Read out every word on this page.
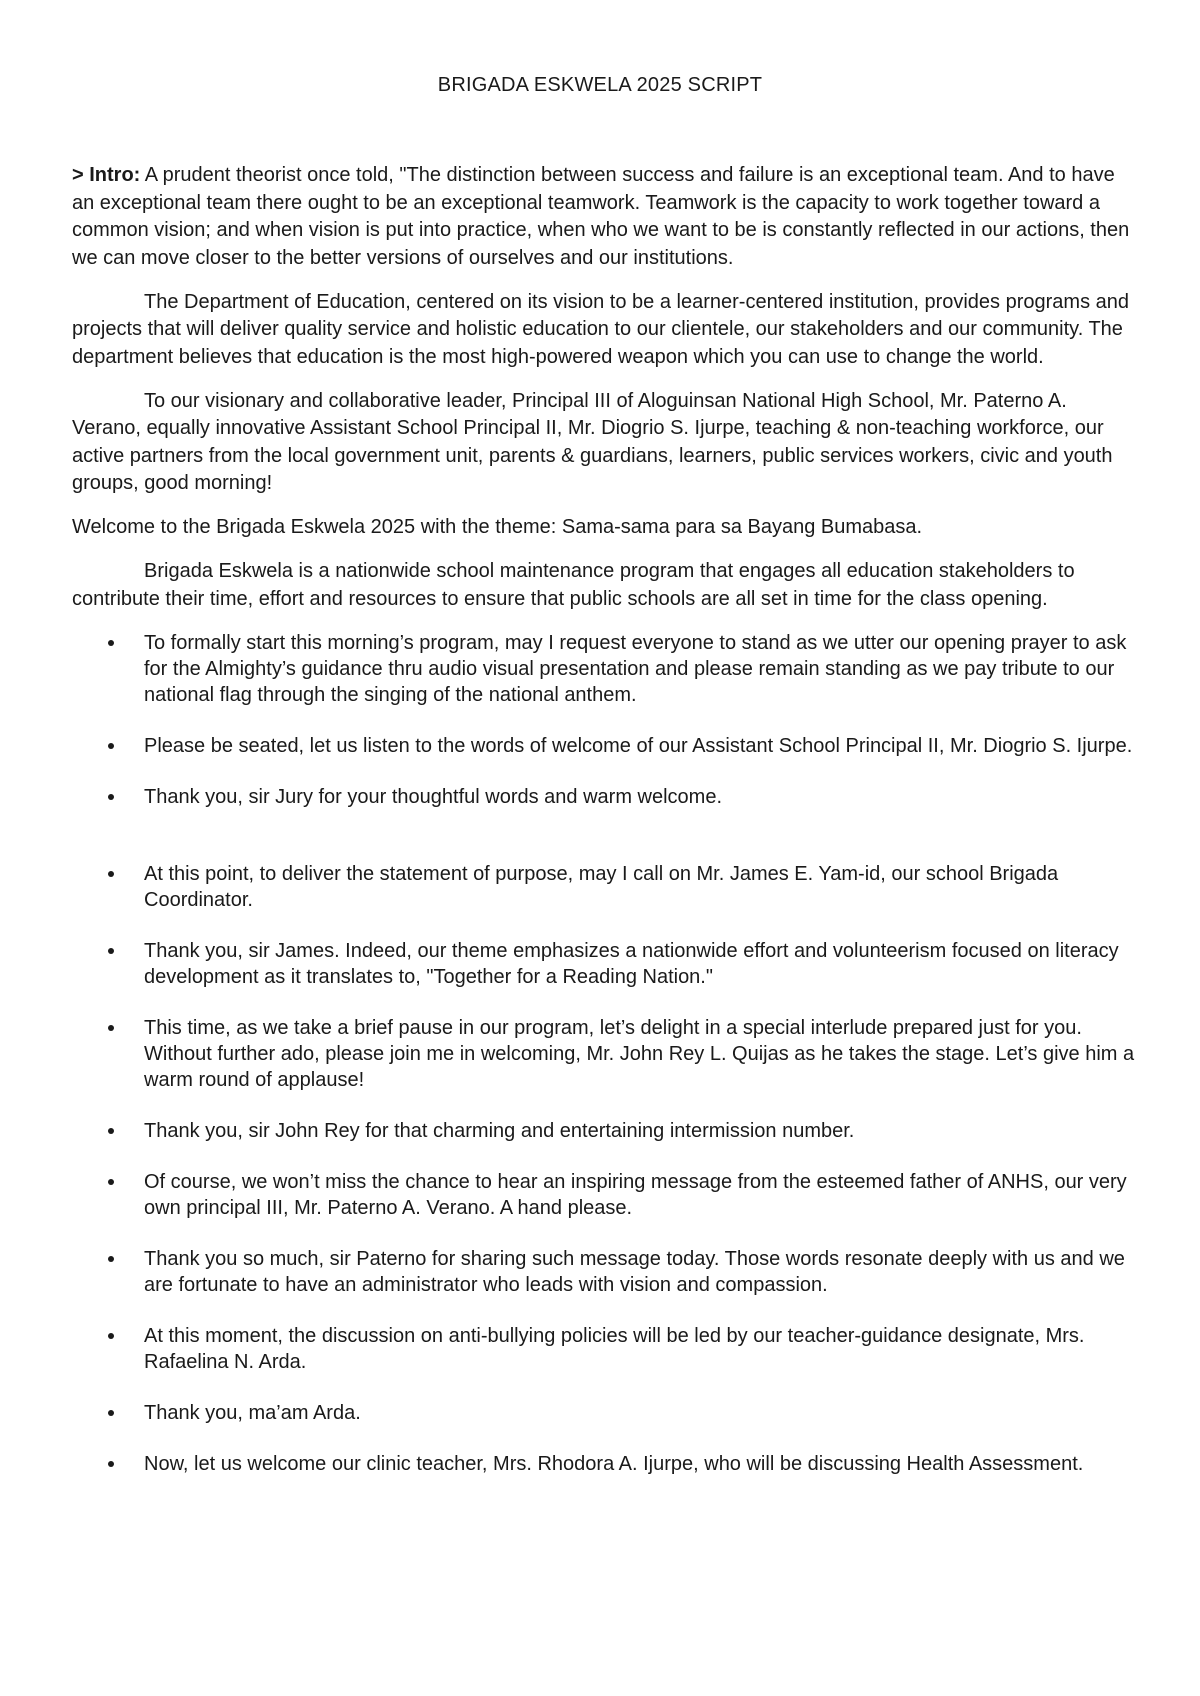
BRIGADA ESKWELA 2025 SCRIPT

> Intro: A prudent theorist once told, "The distinction between success and failure is an exceptional team. And to have an exceptional team there ought to be an exceptional teamwork. Teamwork is the capacity to work together toward a common vision; and when vision is put into practice, when who we want to be is constantly reflected in our actions, then we can move closer to the better versions of ourselves and our institutions.

The Department of Education, centered on its vision to be a learner-centered institution, provides programs and projects that will deliver quality service and holistic education to our clientele, our stakeholders and our community. The department believes that education is the most high-powered weapon which you can use to change the world.

To our visionary and collaborative leader, Principal III of Aloguinsan National High School, Mr. Paterno A. Verano, equally innovative Assistant School Principal II, Mr. Diogrio S. Ijurpe, teaching & non-teaching workforce, our active partners from the local government unit, parents & guardians, learners, public services workers, civic and youth groups, good morning!

Welcome to the Brigada Eskwela 2025 with the theme: Sama-sama para sa Bayang Bumabasa.

Brigada Eskwela is a nationwide school maintenance program that engages all education stakeholders to contribute their time, effort and resources to ensure that public schools are all set in time for the class opening.

To formally start this morning’s program, may I request everyone to stand as we utter our opening prayer to ask for the Almighty’s guidance thru audio visual presentation and please remain standing as we pay tribute to our national flag through the singing of the national anthem.
Please be seated, let us listen to the words of welcome of our Assistant School Principal II, Mr. Diogrio S. Ijurpe.
Thank you, sir Jury for your thoughtful words and warm welcome.
At this point, to deliver the statement of purpose, may I call on Mr. James E. Yam-id, our school Brigada Coordinator.
Thank you, sir James. Indeed, our theme emphasizes a nationwide effort and volunteerism focused on literacy development as it translates to, "Together for a Reading Nation."
This time, as we take a brief pause in our program, let’s delight in a special interlude prepared just for you. Without further ado, please join me in welcoming, Mr. John Rey L. Quijas as he takes the stage. Let’s give him a warm round of applause!
Thank you, sir John Rey for that charming and entertaining intermission number.
Of course, we won’t miss the chance to hear an inspiring message from the esteemed father of ANHS, our very own principal III, Mr. Paterno A. Verano. A hand please.
Thank you so much, sir Paterno for sharing such message today. Those words resonate deeply with us and we are fortunate to have an administrator who leads with vision and compassion.
At this moment, the discussion on anti-bullying policies will be led by our teacher-guidance designate, Mrs. Rafaelina N. Arda.
Thank you, ma’am Arda.
Now, let us welcome our clinic teacher, Mrs. Rhodora A. Ijurpe, who will be discussing Health Assessment.
